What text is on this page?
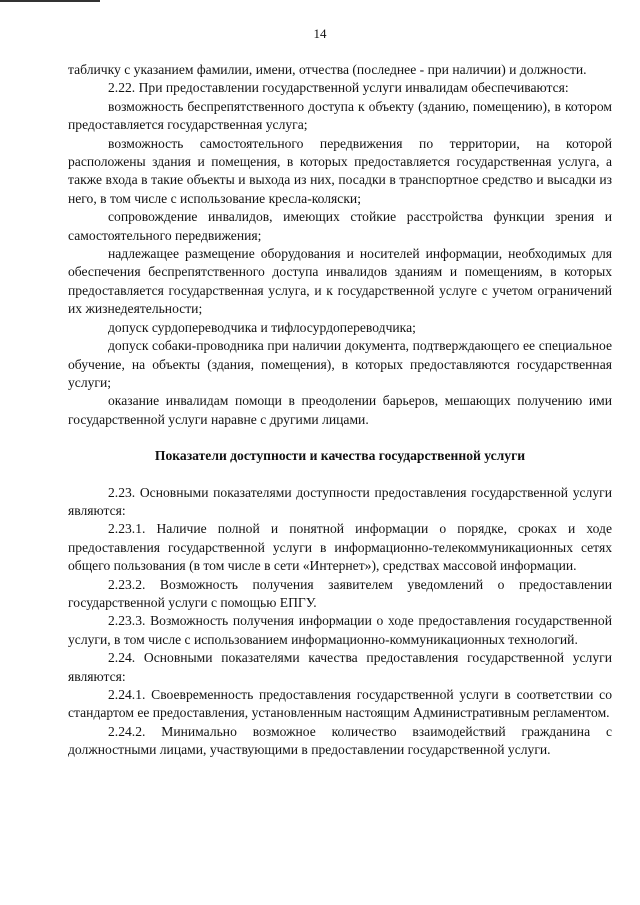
14

табличку с указанием фамилии, имени, отчества (последнее - при наличии) и должности.

2.22. При предоставлении государственной услуги инвалидам обеспечиваются:

возможность беспрепятственного доступа к объекту (зданию, помещению), в котором предоставляется государственная услуга;

возможность самостоятельного передвижения по территории, на которой расположены здания и помещения, в которых предоставляется государственная услуга, а также входа в такие объекты и выхода из них, посадки в транспортное средство и высадки из него, в том числе с использование кресла-коляски;

сопровождение инвалидов, имеющих стойкие расстройства функции зрения и самостоятельного передвижения;

надлежащее размещение оборудования и носителей информации, необходимых для обеспечения беспрепятственного доступа инвалидов зданиям и помещениям, в которых предоставляется государственная услуга, и к государственной услуге с учетом ограничений их жизнедеятельности;

допуск сурдопереводчика и тифлосурдопереводчика;

допуск собаки-проводника при наличии документа, подтверждающего ее специальное обучение, на объекты (здания, помещения), в которых предоставляются государственная услуги;

оказание инвалидам помощи в преодолении барьеров, мешающих получению ими государственной услуги наравне с другими лицами.

Показатели доступности и качества государственной услуги

2.23. Основными показателями доступности предоставления государственной услуги являются:

2.23.1. Наличие полной и понятной информации о порядке, сроках и ходе предоставления государственной услуги в информационно-телекоммуникационных сетях общего пользования (в том числе в сети «Интернет»), средствах массовой информации.

2.23.2. Возможность получения заявителем уведомлений о предоставлении государственной услуги с помощью ЕПГУ.

2.23.3. Возможность получения информации о ходе предоставления государственной услуги, в том числе с использованием информационно-коммуникационных технологий.

2.24. Основными показателями качества предоставления государственной услуги являются:

2.24.1. Своевременность предоставления государственной услуги в соответствии со стандартом ее предоставления, установленным настоящим Административным регламентом.

2.24.2. Минимально возможное количество взаимодействий гражданина с должностными лицами, участвующими в предоставлении государственной услуги.
